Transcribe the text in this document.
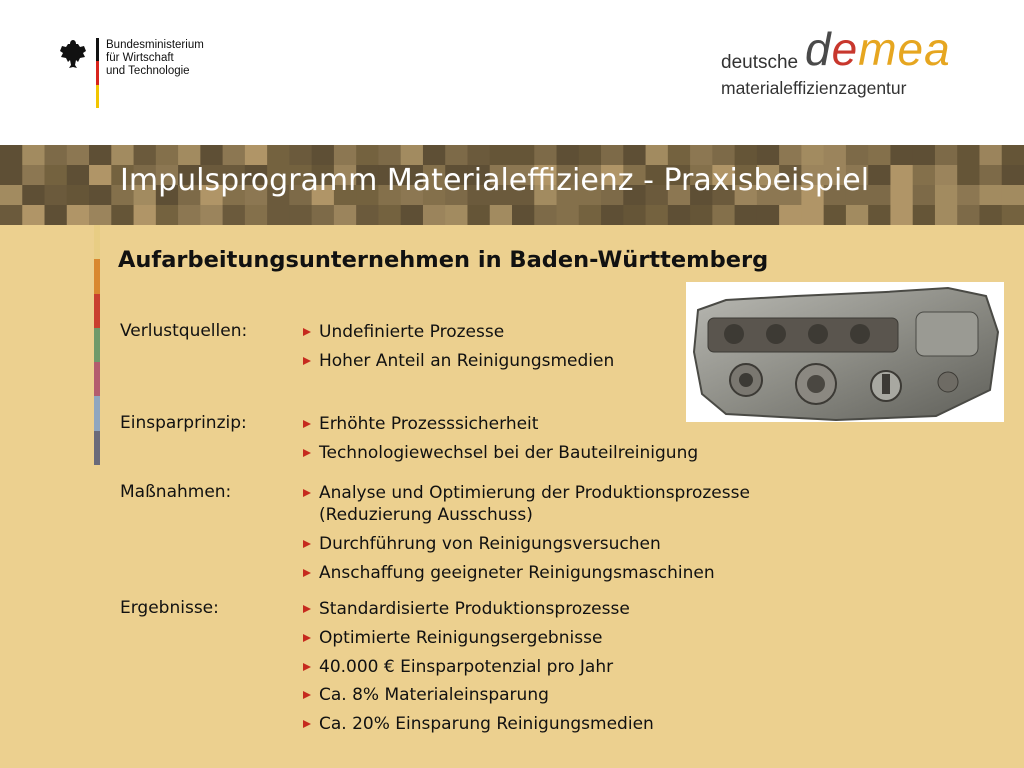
Bundesministerium
für Wirtschaft
und Technologie	deutsche demea
materialeffizienzagentur
Impulsprogramm Materialeffizienz - Praxisbeispiel
Aufarbeitungsunternehmen in Baden-Württemberg
Verlustquellen:	Undefinierte Prozesse
Hoher Anteil an Reinigungsmedien
Einsparprinzip:	Erhöhte Prozesssicherheit
Technologiewechsel bei der Bauteilreinigung
Maßnahmen:	Analyse und Optimierung der Produktionsprozesse
(Reduzierung Ausschuss)
Durchführung von Reinigungsversuchen
Anschaffung geeigneter Reinigungsmaschinen
Ergebnisse:	Standardisierte Produktionsprozesse
Optimierte Reinigungsergebnisse
40.000 € Einsparpotenzial pro Jahr
Ca. 8% Materialeinsparung
Ca. 20% Einsparung Reinigungsmedien
